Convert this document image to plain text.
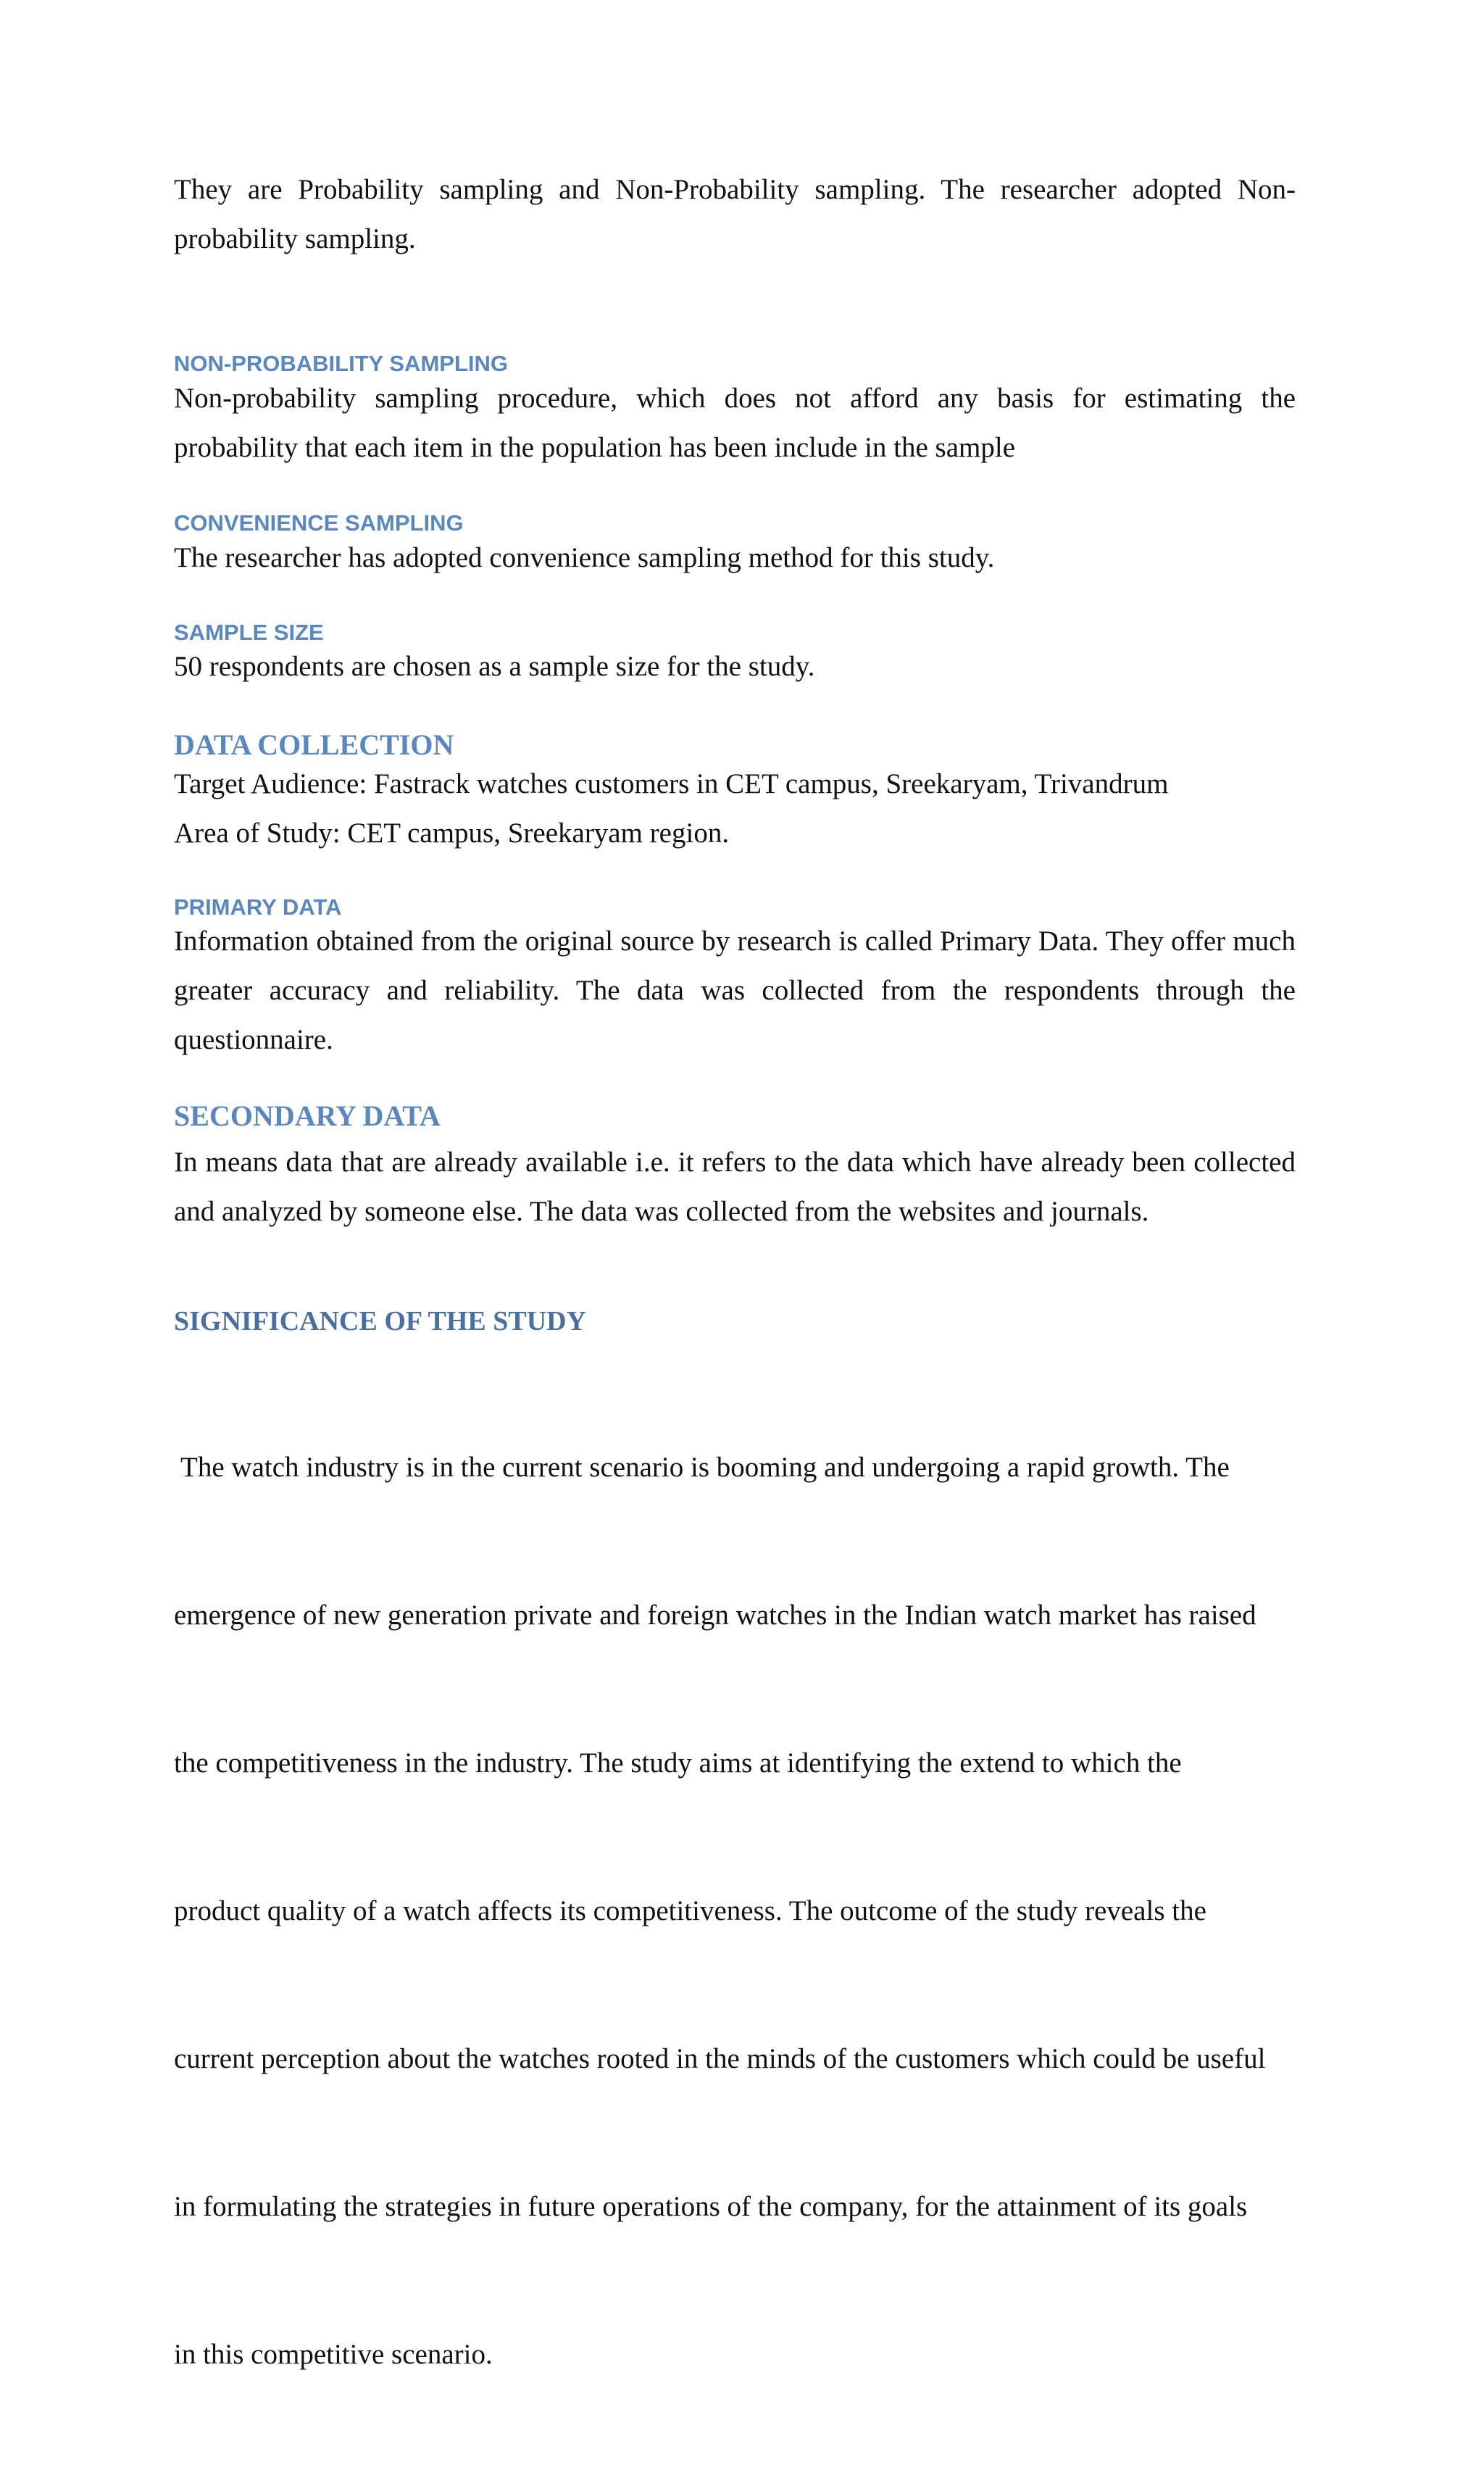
They are Probability sampling and Non-Probability sampling. The researcher adopted Non-probability sampling.

NON-PROBABILITY SAMPLING

Non-probability sampling procedure, which does not afford any basis for estimating the probability that each item in the population has been include in the sample

CONVENIENCE SAMPLING

The researcher has adopted convenience sampling method for this study.

SAMPLE SIZE

50 respondents are chosen as a sample size for the study.

DATA COLLECTION

Target Audience: Fastrack watches customers in CET campus, Sreekaryam, Trivandrum

Area of Study: CET campus, Sreekaryam region.

PRIMARY DATA

Information obtained from the original source by research is called Primary Data. They offer much greater accuracy and reliability. The data was collected from the respondents through the questionnaire.

SECONDARY DATA

In means data that are already available i.e. it refers to the data which have already been collected and analyzed by someone else. The data was collected from the websites and journals.

SIGNIFICANCE OF THE STUDY

The watch industry is in the current scenario is booming and undergoing a rapid growth. The

emergence of new generation private and foreign watches in the Indian watch market has raised

the competitiveness in the industry. The study aims at identifying the extend to which the

product quality of a watch affects its competitiveness. The outcome of the study reveals the

current perception about the watches rooted in the minds of the customers which could be useful

in formulating the strategies in future operations of the company, for the attainment of its goals

in this competitive scenario.
